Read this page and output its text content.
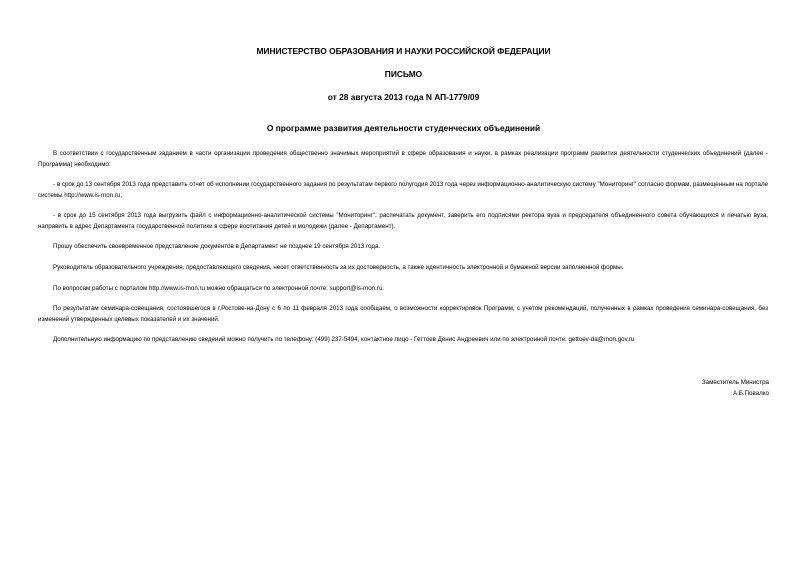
МИНИСТЕРСТВО ОБРАЗОВАНИЯ И НАУКИ РОССИЙСКОЙ ФЕДЕРАЦИИ
ПИСЬМО
от 28 августа 2013 года N АП-1779/09
О программе развития деятельности студенческих объединений

В соответствии с государственным заданием в части организации проведения общественно значимых мероприятий в сфере образования и науки, в рамках реализации программ развития деятельности студенческих объединений (далее - Программа) необходимо:

- в срок до 13 сентября 2013 года представить отчет об исполнении государственного задания по результатам первого полугодия 2013 года через информационно-аналитическую систему "Мониторинг" согласно формам, размещенным на портале системы http://www.is-mon.ru;

- в срок до 15 сентября 2013 года выгрузить файл с информационно-аналитической системы "Мониторинг", распечатать документ, заверить его подписями ректора вуза и председателя объединенного совета обучающихся и печатью вуза, направить в адрес Департамента государственной политики в сфере воспитания детей и молодежи (далее - Департамент).

Прошу обеспечить своевременное представление документов в Департамент не позднее 19 сентября 2013 года.

Руководитель образовательного учреждения, предоставляющего сведения, несет ответственность за их достоверность, а также идентичность электронной и бумажной версии заполненной формы.

По вопросам работы с порталом http://www.is-mon.ru можно обращаться по электронной почте: support@is-mon.ru.

По результатам семинара-совещания, состоявшегося в г.Ростове-на-Дону с 6 по 11 февраля 2013 года сообщаем, о возможности корректировок Программ, с учетом рекомендаций, полученных в рамках проведения семинара-совещания, без изменений утвержденных целевых показателей и их значений.

Дополнительную информацию по представлению сведений можно получить по телефону: (499) 237-5494, контактное лицо - Геттоев Денис Андреевич или по электронной почте: gettoev-da@mon.gov.ru

Заместитель Министра
А.Б.Повалко
